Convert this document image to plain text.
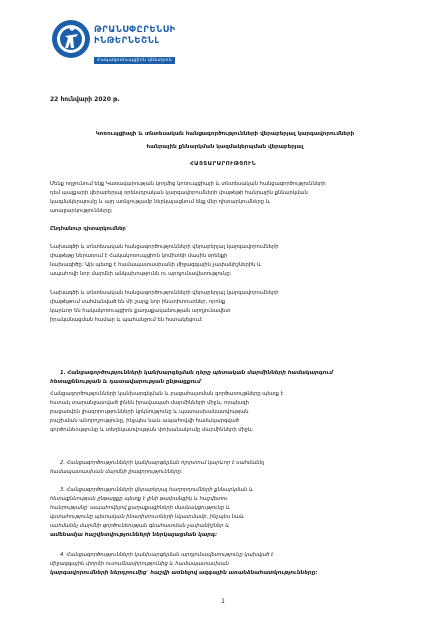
ԹՐԱՆՍՓԸՐԵՆՍԻ
ԻՆԹԵՐՆԵՇՆԼ
Հակակոռուպցիոն կենտրոն
22 հունվարի 2020 թ.
Կոռուպցիայի և տնտեսական հանցագործությունների վերաբերյալ կարգավորումների
հանրային քննարկման կազմակերպման վերաբերյալ
ՀԱՅՏԱՐԱՐՈՒԹՅՈՒՆ
Մենք ողջունում ենք Կառավարության կողմից կոռուպցիայի և տնտեսական հանցագործությունների
դեմ պայքարի վերաբերյալ օրենսդրական կարգավորումների փաթեթի հանրային քննարկման
կազմակերպումը և այդ առնչությամբ ներկայացնում ենք մեր դիտարկումները և
առաջարկությունները:
Ընդհանուր դիտարկումներ՝
Նախագծի և տնտեսական հանցագործությունների վերաբերյալ կարգավորումների
փաթեթը ներառում է Հակակոռուպցիոն կոմիտեի մասին օրենքի
նախագիծը: Այն պետք է համապատասխանի միջազգային չափանիշներին և
ապահովի նոր մարմնի անկախությունն ու արդյունավետությունը:
Նախագծի և տնտեսական հանցագործությունների վերաբերյալ կարգավորումների
փաթեթում սահմանված են մի շարք նոր ինստիտուտներ, որոնք
կարևոր են հակակոռուպցիոն քաղաքականության արդյունավետ
իրականացման համար և պահանջում են հստակեցում:
1. Հանցագործությունների կանխարգելման դերը պետական մարմինների համակարգում
հետաքննության և դատավարության ընթացքում
Հանցագործությունների կանխարգելման և բացահայտման գործառույթները պետք է
հստակ տարանջատված լինեն իրավապահ մարմինների միջև, որպեսզի
բացառվեն լիազորությունների կրկնությունը և պատասխանատվության
բաշխման անորոշությունը, ինչպես նաև ապահովվի համակարգված
գործունեությունը և տեղեկատվության փոխանակումը մարմինների միջև:
2. Հանցագործությունների կանխարգելման ոլորտում կարևոր է սահմանել
համապատասխան մարմնի լիազորությունները:
3. Հանցագործությունների վերաբերյալ հաղորդումների քննարկման և
հետաքննության ընթացքը պետք է լինի թափանցիկ և հաշվետու
հանրությանը՝ ապահովելով քաղաքացիների մասնակցությունը և
վստահությունը պետական ինստիտուտների նկատմամբ, ինչպես նաև
սահմանել մարմնի գործունեության գնահատման չափանիշներ և
ամենամյա հաշվետվությունների ներկայացման կարգ:
4. Հանցագործությունների կանխարգելման արդյունավետությունը կախված է
միջազգային փորձի ուսումնասիրությունից և համապատասխան
կարգավորումների ներդրումից՝ հաշվի առնելով ազգային առանձնահատկությունները:
1
